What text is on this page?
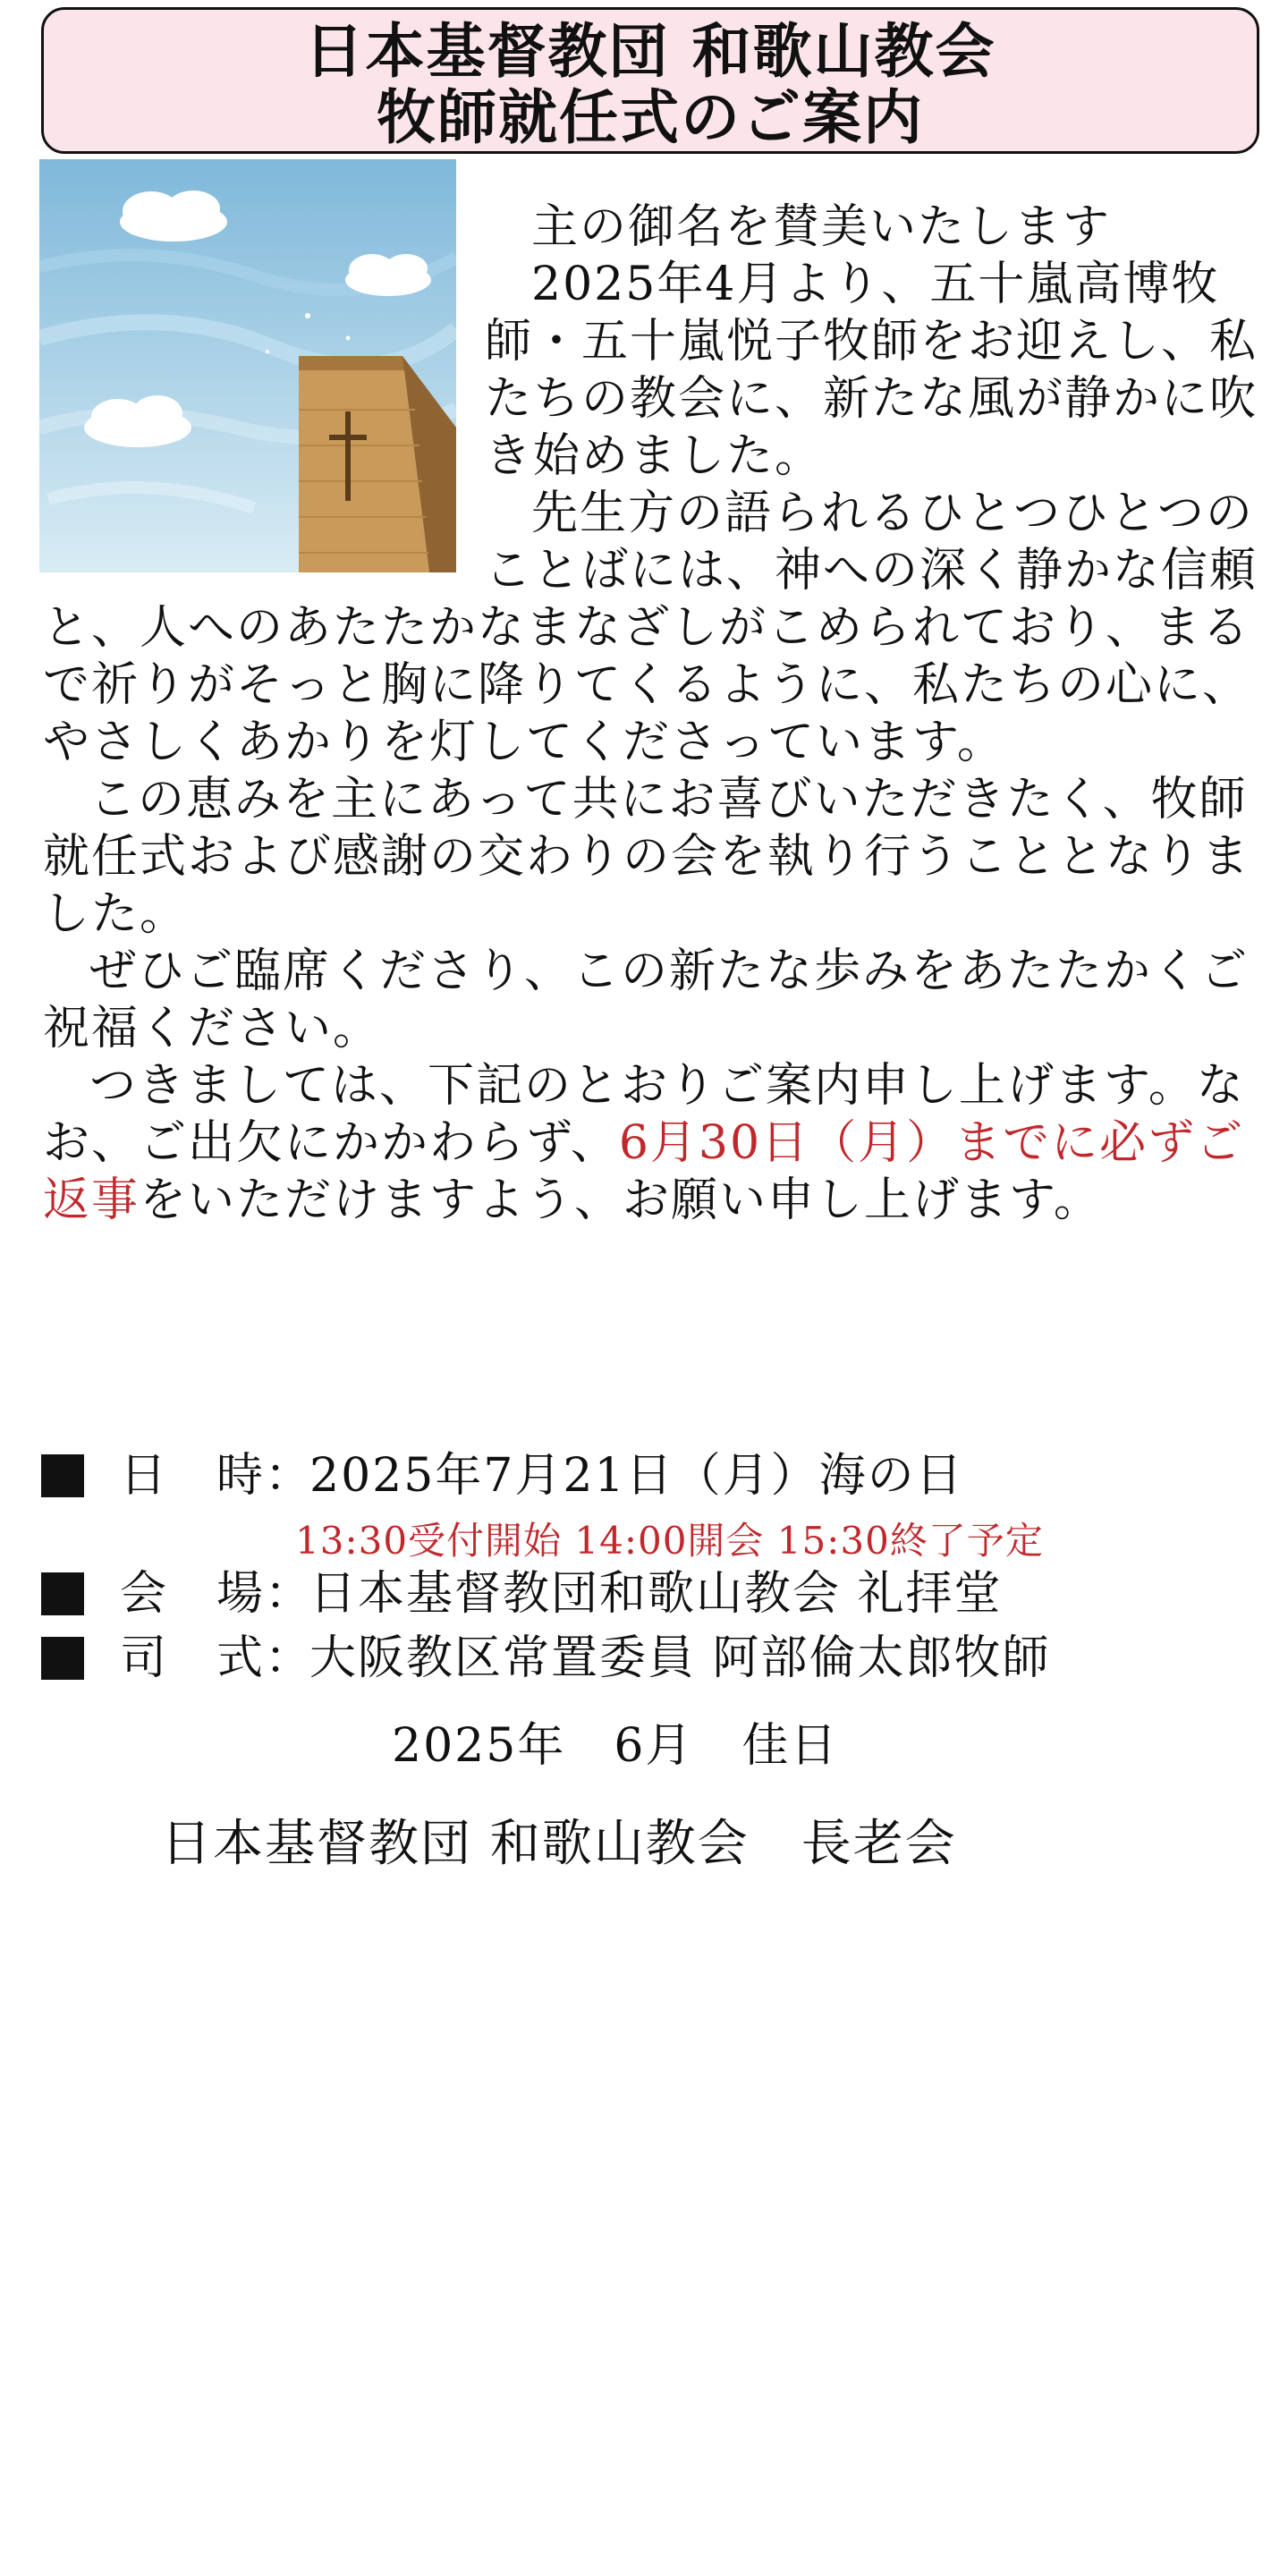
日本基督教団 和歌山教会
牧師就任式のご案内

主の御名を賛美いたします

2025年4月より、五十嵐高博牧師・五十嵐悦子牧師をお迎えし、私たちの教会に、新たな風が静かに吹き始めました。

先生方の語られるひとつひとつのことばには、神への深く静かな信頼と、人へのあたたかなまなざしがこめられており、まるで祈りがそっと胸に降りてくるように、私たちの心に、やさしくあかりを灯してくださっています。

この恵みを主にあって共にお喜びいただきたく、牧師就任式および感謝の交わりの会を執り行うこととなりました。

ぜひご臨席くださり、この新たな歩みをあたたかくご祝福ください。

つきましては、下記のとおりご案内申し上げます。なお、ご出欠にかかわらず、6月30日（月）までに必ずご返事をいただけますよう、お願い申し上げます。

日　時：2025年7月21日（月）海の日
会　場：日本基督教団和歌山教会 礼拝堂
司　式：大阪教区常置委員 阿部倫太郎牧師
13:30受付開始 14:00開会 15:30終了予定
2025年　6月　佳日
日本基督教団 和歌山教会　長老会
